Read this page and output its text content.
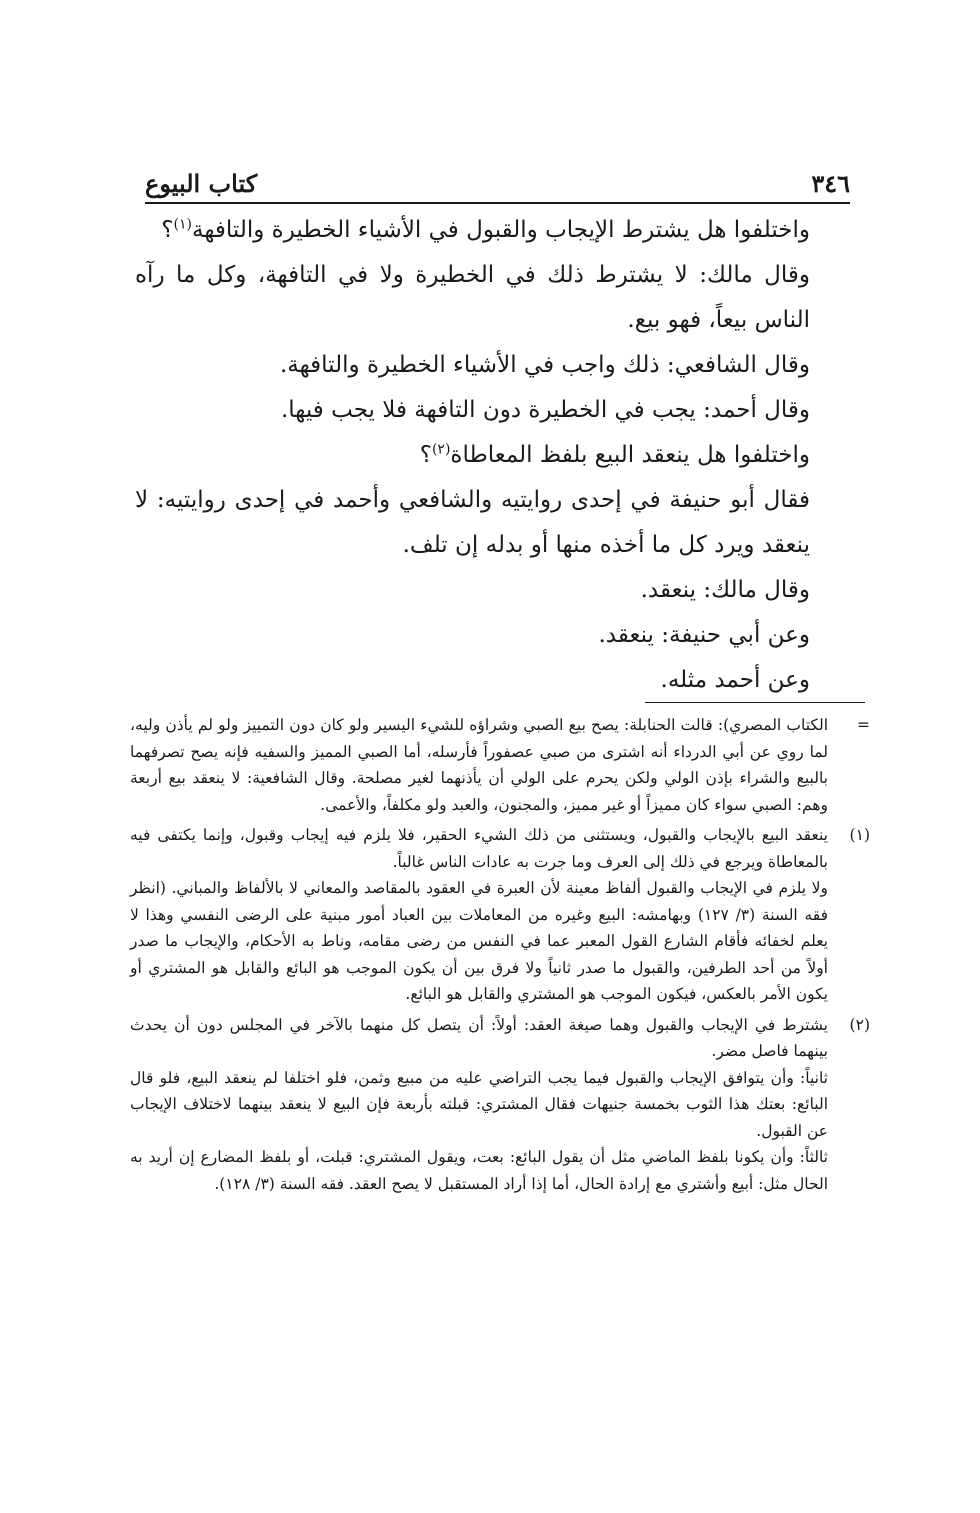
٣٤٦
كتاب البيوع

واختلفوا هل يشترط الإيجاب والقبول في الأشياء الخطيرة والتافهة$^{(١)}$؟

وقال مالك: لا يشترط ذلك في الخطيرة ولا في التافهة، وكل ما رآه الناس بيعاً، فهو بيع.

وقال الشافعي: ذلك واجب في الأشياء الخطيرة والتافهة.

وقال أحمد: يجب في الخطيرة دون التافهة فلا يجب فيها.

واختلفوا هل ينعقد البيع بلفظ المعاطاة$^{(٢)}$؟

فقال أبو حنيفة في إحدى روايتيه والشافعي وأحمد في إحدى روايتيه: لا ينعقد ويرد كل ما أخذه منها أو بدله إن تلف.

وقال مالك: ينعقد.

وعن أبي حنيفة: ينعقد.

وعن أحمد مثله.

=

الكتاب المصري): قالت الحنابلة: يصح بيع الصبي وشراؤه للشيء اليسير ولو كان دون التمييز ولو لم يأذن وليه، لما روي عن أبي الدرداء أنه اشترى من صبي عصفوراً فأرسله، أما الصبي المميز والسفيه فإنه يصح تصرفهما بالبيع والشراء بإذن الولي ولكن يحرم على الولي أن يأذنهما لغير مصلحة. وقال الشافعية: لا ينعقد بيع أربعة وهم: الصبي سواء كان مميزاً أو غير مميز، والمجنون، والعبد ولو مكلفاً، والأعمى.

(١)

ينعقد البيع بالإيجاب والقبول، ويستثنى من ذلك الشيء الحقير، فلا يلزم فيه إيجاب وقبول، وإنما يكتفى فيه بالمعاطاة ويرجع في ذلك إلى العرف وما جرت به عادات الناس غالباً.

ولا يلزم في الإيجاب والقبول ألفاظ معينة لأن العبرة في العقود بالمقاصد والمعاني لا بالألفاظ والمباني. (انظر فقه السنة (٣/ ١٢٧) وبهامشه: البيع وغيره من المعاملات بين العباد أمور مبنية على الرضى النفسي وهذا لا يعلم لخفائه فأقام الشارع القول المعبر عما في النفس من رضى مقامه، وناط به الأحكام، والإيجاب ما صدر أولاً من أحد الطرفين، والقبول ما صدر ثانياً ولا فرق بين أن يكون الموجب هو البائع والقابل هو المشتري أو يكون الأمر بالعكس، فيكون الموجب هو المشتري والقابل هو البائع.

(٢)

يشترط في الإيجاب والقبول وهما صيغة العقد: أولاً: أن يتصل كل منهما بالآخر في المجلس دون أن يحدث بينهما فاصل مضر.

ثانياً: وأن يتوافق الإيجاب والقبول فيما يجب التراضي عليه من مبيع وثمن، فلو اختلفا لم ينعقد البيع، فلو قال البائع: بعتك هذا الثوب بخمسة جنيهات فقال المشتري: قبلته بأربعة فإن البيع لا ينعقد بينهما لاختلاف الإيجاب عن القبول.

ثالثاً: وأن يكونا بلفظ الماضي مثل أن يقول البائع: بعت، ويقول المشتري: قبلت، أو بلفظ المضارع إن أريد به الحال مثل: أبيع وأشتري مع إرادة الحال، أما إذا أراد المستقبل لا يصح العقد. فقه السنة (٣/ ١٢٨).
